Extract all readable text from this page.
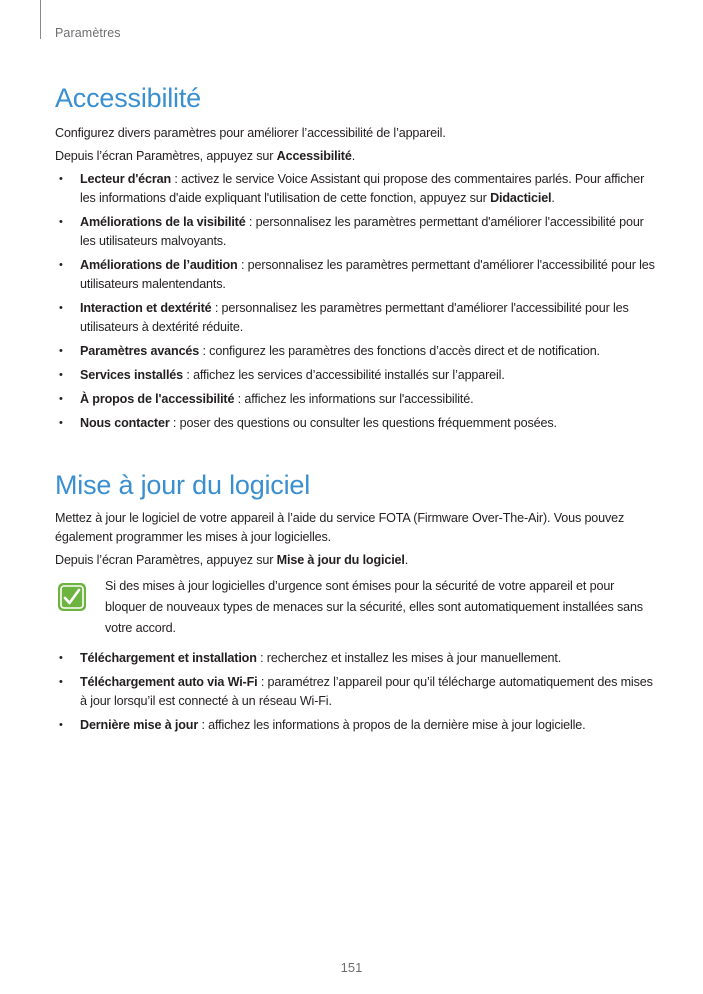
Paramètres
Accessibilité

Configurez divers paramètres pour améliorer l’accessibilité de l’appareil.

Depuis l’écran Paramètres, appuyez sur Accessibilité.

• Lecteur d'écran : activez le service Voice Assistant qui propose des commentaires parlés. Pour afficher les informations d'aide expliquant l'utilisation de cette fonction, appuyez sur Didacticiel.
• Améliorations de la visibilité : personnalisez les paramètres permettant d'améliorer l'accessibilité pour les utilisateurs malvoyants.
• Améliorations de l’audition : personnalisez les paramètres permettant d'améliorer l'accessibilité pour les utilisateurs malentendants.
• Interaction et dextérité : personnalisez les paramètres permettant d'améliorer l'accessibilité pour les utilisateurs à dextérité réduite.
• Paramètres avancés : configurez les paramètres des fonctions d’accès direct et de notification.
• Services installés : affichez les services d’accessibilité installés sur l’appareil.
• À propos de l'accessibilité : affichez les informations sur l'accessibilité.
• Nous contacter : poser des questions ou consulter les questions fréquemment posées.
Mise à jour du logiciel

Mettez à jour le logiciel de votre appareil à l’aide du service FOTA (Firmware Over-The-Air). Vous pouvez également programmer les mises à jour logicielles.

Depuis l’écran Paramètres, appuyez sur Mise à jour du logiciel.

Si des mises à jour logicielles d’urgence sont émises pour la sécurité de votre appareil et pour bloquer de nouveaux types de menaces sur la sécurité, elles sont automatiquement installées sans votre accord.

• Téléchargement et installation : recherchez et installez les mises à jour manuellement.
• Téléchargement auto via Wi-Fi : paramétrez l’appareil pour qu’il télécharge automatiquement des mises à jour lorsqu’il est connecté à un réseau Wi-Fi.
• Dernière mise à jour : affichez les informations à propos de la dernière mise à jour logicielle.
151
